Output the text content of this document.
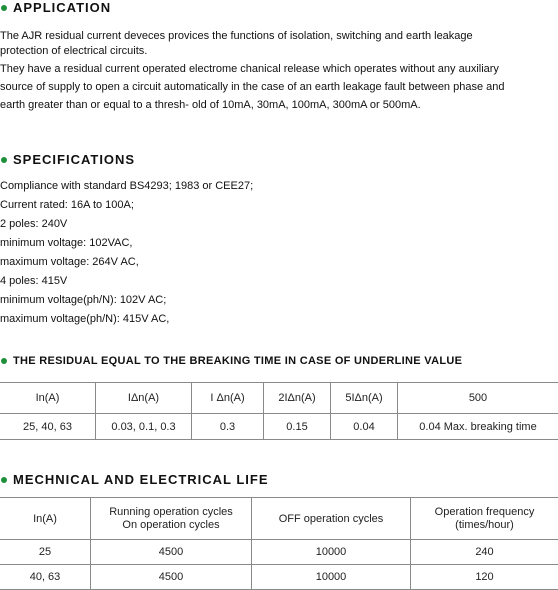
APPLICATION

The AJR residual current deveces provices the functions of isolation, switching and earth leakage

protection of electrical circuits.

They have a residual current operated electrome chanical release which operates without any auxiliary

source of supply to open a circuit automatically in the case of an earth leakage fault between phase and

earth greater than or equal to a thresh- old of 10mA, 30mA, 100mA, 300mA or 500mA.

SPECIFICATIONS
Compliance with standard BS4293; 1983 or CEE27;
Current rated: 16A to 100A;
2 poles: 240V
minimum voltage: 102VAC,
maximum voltage: 264V AC,
4 poles: 415V
minimum voltage(ph/N): 102V AC;
maximum voltage(ph/N): 415V AC,
THE RESIDUAL EQUAL TO THE BREAKING TIME IN CASE OF UNDERLINE VALUE
In(A)	IΔn(A)	I Δn(A)	2IΔn(A)	5IΔn(A)	500
25, 40, 63	0.03, 0.1, 0.3	0.3	0.15	0.04	0.04 Max. breaking time
MECHNICAL AND ELECTRICAL LIFE
In(A)	Running operation cycles
On operation cycles	OFF operation cycles	Operation frequency
(times/hour)

25	4500	10000	240
40, 63	4500	10000	120
